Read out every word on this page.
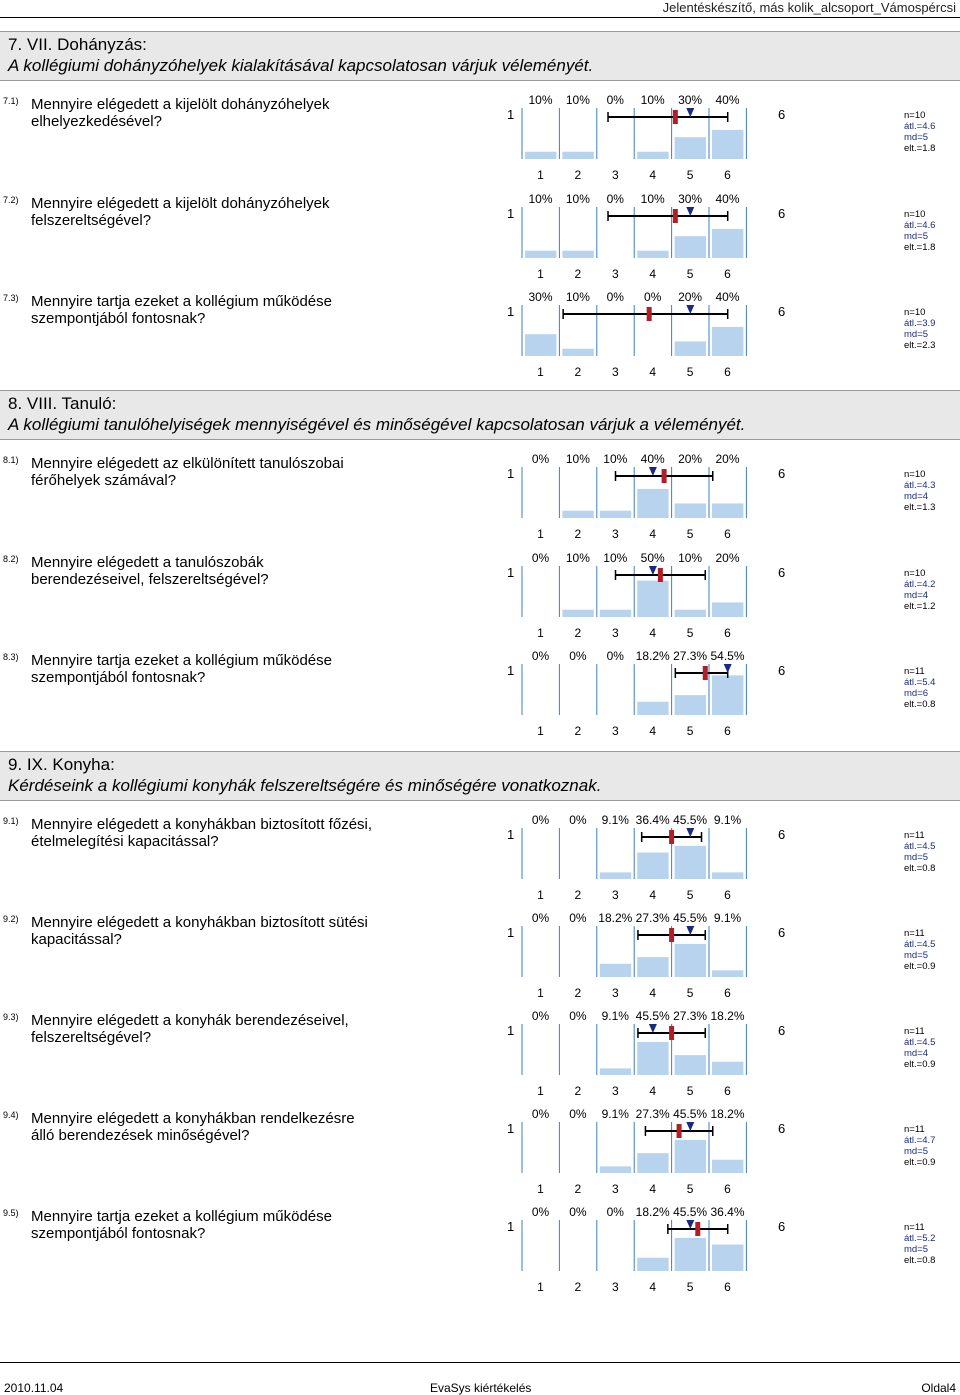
Jelentéskészítő, más kolik_alcsoport_Vámospércsi
7. VII. Dohányzás:
A kollégiumi dohányzóhelyek kialakításával kapcsolatosan várjuk véleményét.
8. VIII. Tanuló:
A kollégiumi tanulóhelyiségek mennyiségével és minőségével kapcsolatosan várjuk a véleményét.
9. IX. Konyha:
Kérdéseink a kollégiumi konyhák felszereltségére és minőségére vonatkoznak.
7.1) Mennyire elégedett a kijelölt dohányzóhelyek elhelyezkedésével?	1	6
10%	10%	0%	10%	30%	40%
1	2	3	4	5	6
n=10
átl.=4.6
md=5
elt.=1.8
7.2) Mennyire elégedett a kijelölt dohányzóhelyek felszereltségével?	1	6
10%	10%	0%	10%	30%	40%
1	2	3	4	5	6
n=10
átl.=4.6
md=5
elt.=1.8
7.3) Mennyire tartja ezeket a kollégium működése szempontjából fontosnak?	1	6
30%	10%	0%	0%	20%	40%
1	2	3	4	5	6
n=10
átl.=3.9
md=5
elt.=2.3
8.1) Mennyire elégedett az elkülönített tanulószobai férőhelyek számával?	1	6
0%	10%	10%	40%	20%	20%
1	2	3	4	5	6
n=10
átl.=4.3
md=4
elt.=1.3
8.2) Mennyire elégedett a tanulószobák berendezéseivel, felszereltségével?	1	6
0%	10%	10%	50%	10%	20%
1	2	3	4	5	6
n=10
átl.=4.2
md=4
elt.=1.2
8.3) Mennyire tartja ezeket a kollégium működése szempontjából fontosnak?	1	6
0%	0%	0% 18.2% 27.3% 54.5%
1	2	3	4	5	6
n=11
átl.=5.4
md=6
elt.=0.8
9.1) Mennyire elégedett a konyhákban biztosított főzési, ételmelegítési kapacitással?	1	6
0%	0%	9.1% 36.4% 45.5% 9.1%
1	2	3	4	5	6
n=11
átl.=4.5
md=5
elt.=0.8
9.2) Mennyire elégedett a konyhákban biztosított sütési kapacitással?	1	6
0%	0% 18.2% 27.3% 45.5% 9.1%
1	2	3	4	5	6
n=11
átl.=4.5
md=5
elt.=0.9
9.3) Mennyire elégedett a konyhák berendezéseivel, felszereltségével?	1	6
0%	0%	9.1% 45.5% 27.3% 18.2%
1	2	3	4	5	6
n=11
átl.=4.5
md=4
elt.=0.9
9.4) Mennyire elégedett a konyhákban rendelkezésre álló berendezések minőségével?	1	6
0%	0%	9.1% 27.3% 45.5% 18.2%
1	2	3	4	5	6
n=11
átl.=4.7
md=5
elt.=0.9
9.5) Mennyire tartja ezeket a kollégium működése szempontjából fontosnak?	1	6
0%	0%	0% 18.2% 45.5% 36.4%
1	2	3	4	5	6
n=11
átl.=5.2
md=5
elt.=0.8
2010.11.04	EvaSys kiértékelés	Oldal4
